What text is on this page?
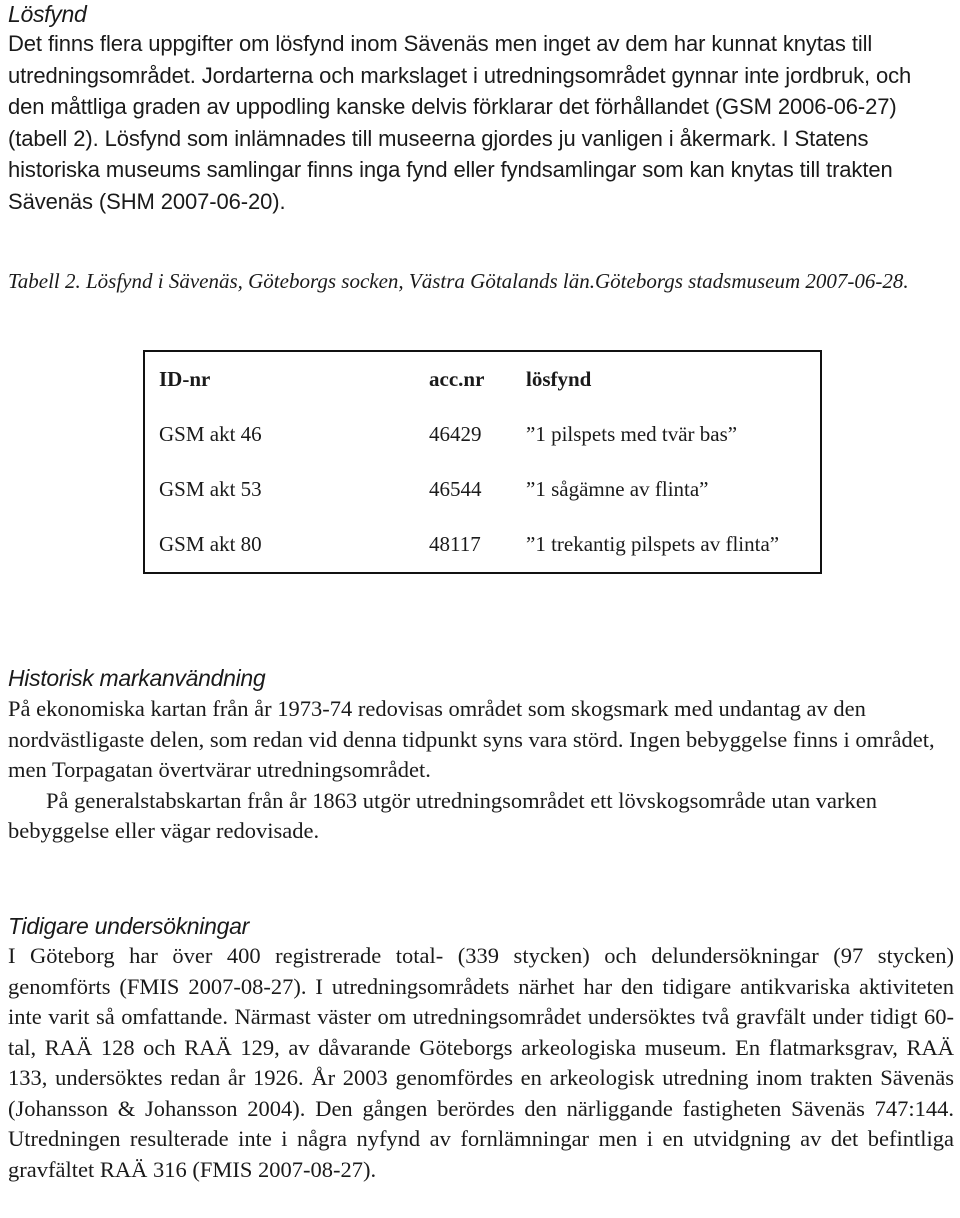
Lösfynd
Det finns flera uppgifter om lösfynd inom Sävenäs men inget av dem har kunnat knytas till utredningsområdet. Jordarterna och markslaget i utredningsområdet gynnar inte jordbruk, och den måttliga graden av uppodling kanske delvis förklarar det förhållandet (GSM 2006-06-27) (tabell 2). Lösfynd som inlämnades till museerna gjordes ju vanligen i åkermark. I Statens historiska museums samlingar finns inga fynd eller fyndsamlingar som kan knytas till trakten Sävenäs (SHM 2007-06-20).
Tabell 2. Lösfynd i Sävenäs, Göteborgs socken, Västra Götalands län.Göteborgs stadsmuseum 2007-06-28.
ID-nr	acc.nr	lösfynd
GSM akt 46	46429	”1 pilspets med tvär bas”
GSM akt 53	46544	”1 sågämne av flinta”
GSM akt 80	48117	”1 trekantig pilspets av flinta”
Historisk markanvändning

På ekonomiska kartan från år 1973-74 redovisas området som skogsmark med undantag av den nordvästligaste delen, som redan vid denna tidpunkt syns vara störd. Ingen bebyggelse finns i området, men Torpagatan övertvärar utredningsområdet.

På generalstabskartan från år 1863 utgör utredningsområdet ett lövskogsområde utan varken bebyggelse eller vägar redovisade.

Tidigare undersökningar
I Göteborg har över 400 registrerade total- (339 stycken) och delundersökningar (97 stycken) genomförts (FMIS 2007-08-27). I utredningsområdets närhet har den tidigare antikvariska aktiviteten inte varit så omfattande. Närmast väster om utredningsområdet undersöktes två gravfält under tidigt 60-tal, RAÄ 128 och RAÄ 129, av dåvarande Göteborgs arkeologiska museum. En flatmarksgrav, RAÄ 133, undersöktes redan år 1926. År 2003 genomfördes en arkeologisk utredning inom trakten Sävenäs (Johansson & Johansson 2004). Den gången berördes den närliggande fastigheten Sävenäs 747:144. Utredningen resulterade inte i några nyfynd av fornlämningar men i en utvidgning av det befintliga gravfältet RAÄ 316 (FMIS 2007-08-27).
